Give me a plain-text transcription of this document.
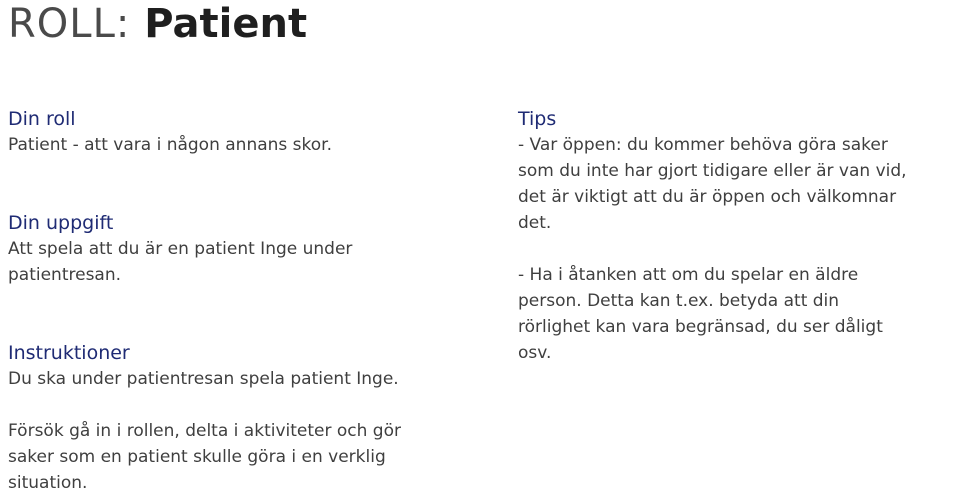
ROLL: Patient
Din roll

Patient - att vara i någon annans skor.

Din uppgift

Att spela att du är en patient Inge under

patientresan.

Instruktioner

Du ska under patientresan spela patient Inge.

Försök gå in i rollen, delta i aktiviteter och gör

saker som en patient skulle göra i en verklig

situation.

Tips

- Var öppen: du kommer behöva göra saker

som du inte har gjort tidigare eller är van vid,

det är viktigt att du är öppen och välkomnar

det.

- Ha i åtanken att om du spelar en äldre

person. Detta kan t.ex. betyda att din

rörlighet kan vara begränsad, du ser dåligt

osv.
